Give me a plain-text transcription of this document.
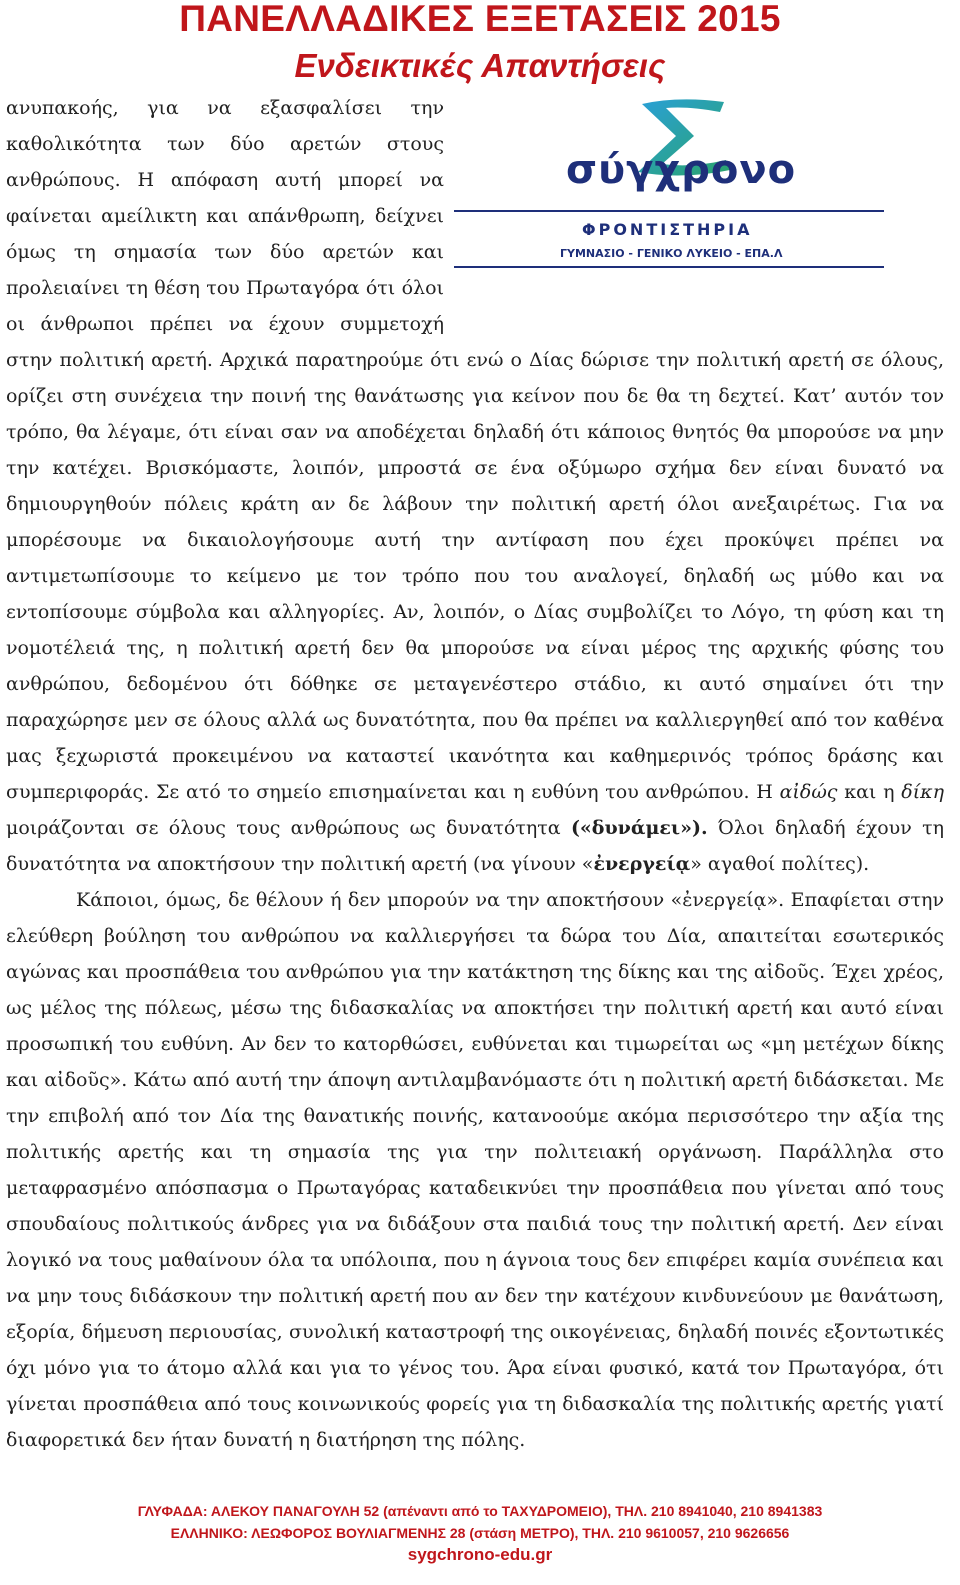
ΠΑΝΕΛΛΑΔΙΚΕΣ ΕΞΕΤΑΣΕΙΣ 2015
Ενδεικτικές Απαντήσεις

σύγχρονο
ΦΡΟΝΤΙΣΤΗΡΙΑ
ΓΥΜΝΑΣΙΟ - ΓΕΝΙΚΟ ΛΥΚΕΙΟ - ΕΠΑ.Λ
ανυπακοής, για να εξασφαλίσει την καθολικότητα των δύο αρετών στους ανθρώπους. Η απόφαση αυτή μπορεί να φαίνεται αμείλικτη και απάνθρωπη, δείχνει όμως τη σημασία των δύο αρετών και προλειαίνει τη θέση του Πρωταγόρα ότι όλοι οι άνθρωποι πρέπει να έχουν συμμετοχή στην πολιτική αρετή. Αρχικά παρατηρούμε ότι ενώ ο Δίας δώρισε την πολιτική αρετή σε όλους, ορίζει στη συνέχεια την ποινή της θανάτωσης για κείνον που δε θα τη δεχτεί. Κατ’ αυτόν τον τρόπο, θα λέγαμε, ότι είναι σαν να αποδέχεται δηλαδή ότι κάποιος θνητός θα μπορούσε να μην την κατέχει. Βρισκόμαστε, λοιπόν, μπροστά σε ένα οξύμωρο σχήμα δεν είναι δυνατό να δημιουργηθούν πόλεις κράτη αν δε λάβουν την πολιτική αρετή όλοι ανεξαιρέτως. Για να μπορέσουμε να δικαιολογήσουμε αυτή την αντίφαση που έχει προκύψει πρέπει να αντιμετωπίσουμε το κείμενο με τον τρόπο που του αναλογεί, δηλαδή ως μύθο και να εντοπίσουμε σύμβολα και αλληγορίες. Αν, λοιπόν, ο Δίας συμβολίζει το Λόγο, τη φύση και τη νομοτέλειά της, η πολιτική αρετή δεν θα μπορούσε να είναι μέρος της αρχικής φύσης του ανθρώπου, δεδομένου ότι δόθηκε σε μεταγενέστερο στάδιο, κι αυτό σημαίνει ότι την παραχώρησε μεν σε όλους αλλά ως δυνατότητα, που θα πρέπει να καλλιεργηθεί από τον καθένα μας ξεχωριστά προκειμένου να καταστεί ικανότητα και καθημερινός τρόπος δράσης και συμπεριφοράς. Σε ατό το σημείο επισημαίνεται και η ευθύνη του ανθρώπου. Η αἰδώς και η δίκη μοιράζονται σε όλους τους ανθρώπους ως δυνατότητα («δυνάμει»). Όλοι δηλαδή έχουν τη δυνατότητα να αποκτήσουν την πολιτική αρετή (να γίνουν «ἐνεργείᾳ» αγαθοί πολίτες).

Κάποιοι, όμως, δε θέλουν ή δεν μπορούν να την αποκτήσουν «ἐνεργείᾳ». Επαφίεται στην ελεύθερη βούληση του ανθρώπου να καλλιεργήσει τα δώρα του Δία, απαιτείται εσωτερικός αγώνας και προσπάθεια του ανθρώπου για την κατάκτηση της δίκης και της αἰδοῦς. Έχει χρέος, ως μέλος της πόλεως, μέσω της διδασκαλίας να αποκτήσει την πολιτική αρετή και αυτό είναι προσωπική του ευθύνη. Αν δεν το κατορθώσει, ευθύνεται και τιμωρείται ως «μη μετέχων δίκης και αἰδοῦς». Κάτω από αυτή την άποψη αντιλαμβανόμαστε ότι η πολιτική αρετή διδάσκεται. Με την επιβολή από τον Δία της θανατικής ποινής, κατανοούμε ακόμα περισσότερο την αξία της πολιτικής αρετής και τη σημασία της για την πολιτειακή οργάνωση. Παράλληλα στο μεταφρασμένο απόσπασμα ο Πρωταγόρας καταδεικνύει την προσπάθεια που γίνεται από τους σπουδαίους πολιτικούς άνδρες για να διδάξουν στα παιδιά τους την πολιτική αρετή. Δεν είναι λογικό να τους μαθαίνουν όλα τα υπόλοιπα, που η άγνοια τους δεν επιφέρει καμία συνέπεια και να μην τους διδάσκουν την πολιτική αρετή που αν δεν την κατέχουν κινδυνεύουν με θανάτωση, εξορία, δήμευση περιουσίας, συνολική καταστροφή της οικογένειας, δηλαδή ποινές εξοντωτικές όχι μόνο για το άτομο αλλά και για το γένος του. Άρα είναι φυσικό, κατά τον Πρωταγόρα, ότι γίνεται προσπάθεια από τους κοινωνικούς φορείς για τη διδασκαλία της πολιτικής αρετής γιατί διαφορετικά δεν ήταν δυνατή η διατήρηση της πόλης.

ΓΛΥΦΑΔΑ: ΑΛΕΚΟΥ ΠΑΝΑΓΟΥΛΗ 52 (απέναντι από το ΤΑΧΥΔΡΟΜΕΙΟ), ΤΗΛ. 210 8941040, 210 8941383
ΕΛΛΗΝΙΚΟ: ΛΕΩΦΟΡΟΣ ΒΟΥΛΙΑΓΜΕΝΗΣ 28 (στάση ΜΕΤΡΟ), ΤΗΛ. 210 9610057, 210 9626656
sygchrono-edu.gr
